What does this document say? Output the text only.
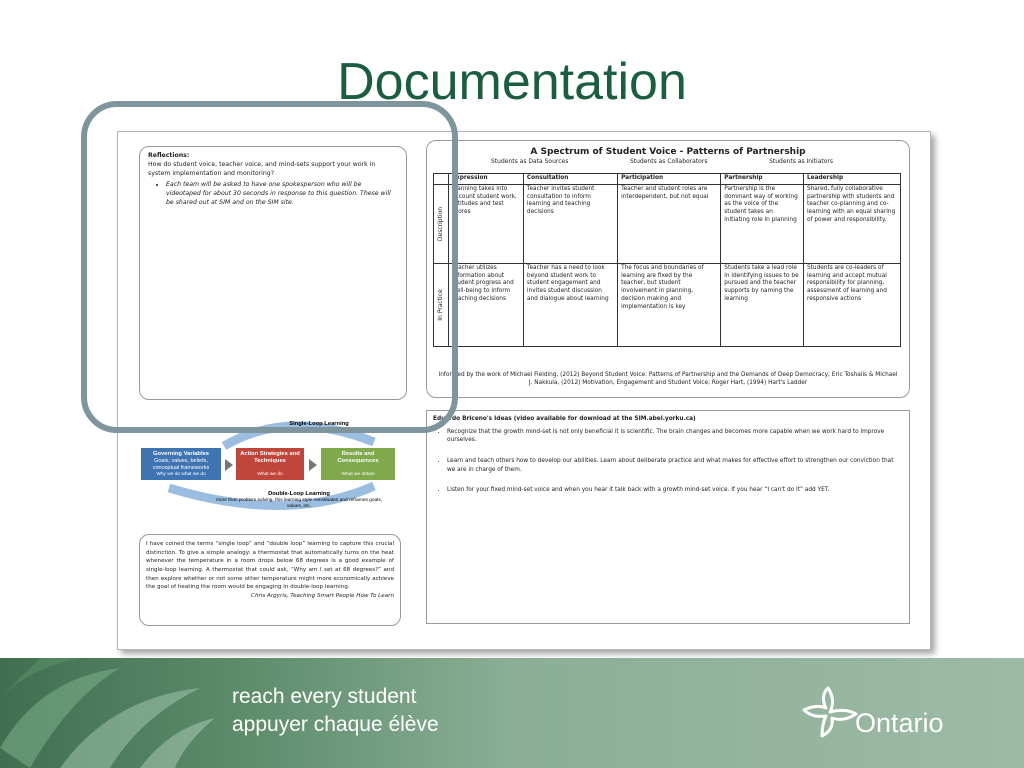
Documentation
Reflections:
How do student voice, teacher voice, and mind-sets support your work in system implementation and monitoring?
• Each team will be asked to have one spokesperson who will be videotaped for about 30 seconds in response to this question. These will be shared out at SIM and on the SIM site.
A Spectrum of Student Voice - Patterns of Partnership
Students as Data Sources	Students as Collaborators	Students as Initiators
	Expression	Consultation	Participation	Partnership	Leadership

Description	Planning takes into account student work, attitudes and test scores	Teacher invites student consultation to inform learning and teaching decisions	Teacher and student roles are interdependent, but not equal	Partnership is the dominant way of working as the voice of the student takes an initiating role in planning	Shared, fully collaborative partnership with students and teacher co-planning and co-learning with an equal sharing of power and responsibility.

In Practice	Teacher utilizes information about student progress and well-being to inform teaching decisions	Teacher has a need to look beyond student work to student engagement and invites student discussion and dialogue about learning	The focus and boundaries of learning are fixed by the teacher, but student involvement in planning, decision making and implementation is key	Students take a lead role in identifying issues to be pursued and the teacher supports by naming the learning	Students are co-leaders of learning and accept mutual responsibility for planning, assessment of learning and responsive actions
Informed by the work of Michael Fielding, (2012) Beyond Student Voice: Patterns of Partnership and the Demands of Deep Democracy; Eric Toshalis & Michael J. Nakkula, (2012) Motivation, Engagement and Student Voice; Roger Hart, (1994) Hart's Ladder
Single-Loop Learning
Governing Variables
Goals, values, beliefs, conceptual frameworks
Why we do what we do
Action Strategies and Techniques
What we do
Results and Consequences
What we obtain
Double-Loop Learning
more than problem solving, this learning style reevaluates and reframes goals, values, etc.
I have coined the terms “single loop” and “double loop” learning to capture this crucial distinction. To give a simple analogy: a thermostat that automatically turns on the heat whenever the temperature in a room drops below 68 degrees is a good example of single-loop learning. A thermostat that could ask, “Why am I set at 68 degrees?” and then explore whether or not some other temperature might more economically achieve the goal of heating the room would be engaging in double-loop learning.
Chris Argyris, Teaching Smart People How To Learn
Eduardo Briceno's Ideas (video available for download at the SIM.abel.yorku.ca)
• Recognize that the growth mind-set is not only beneficial it is scientific. The brain changes and becomes more capable when we work hard to improve ourselves.
• Learn and teach others how to develop our abilities. Learn about deliberate practice and what makes for effective effort to strengthen our conviction that we are in charge of them.
• Listen for your fixed mind-set voice and when you hear it talk back with a growth mind-set voice. If you hear “I can't do it” add YET.
reach every student
appuyer chaque élève	Ontario
